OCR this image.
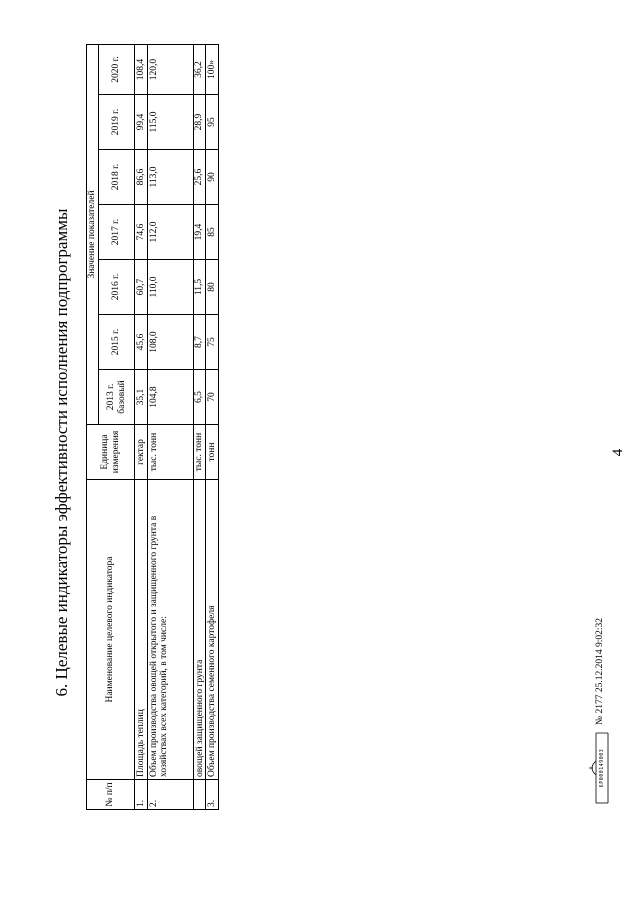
4
6. Целевые индикаторы эффективности исполнения подпрограммы
№ п/п	Наименование целевого индикатора	Единица измерения	Значение показателей						
			2013 г. базовый	2015 г.	2016 г.	2017 г.	2018 г.	2019 г.	2020 г.
1.	Площадь теплиц	гектар	35,1	45,6	60,7	74,6	86,6	99,4	108,4
2.	Объем производства овощей открытого и защищенного грунта в хозяйствах всех категорий, в том числе:	тыс. тонн	104,8	108,0	110,0	112,0	113,0	115,0	120,0
	овощей защищенного грунта	тыс. тонн	6,5	8,7	11,5	19,4	25,6	28,9	36,2
3.	Объем производства семенного картофеля	тонн	70	75	80	85	90	95	100»
6Р000149003
№ 2177 25.12.2014 9:02:32
